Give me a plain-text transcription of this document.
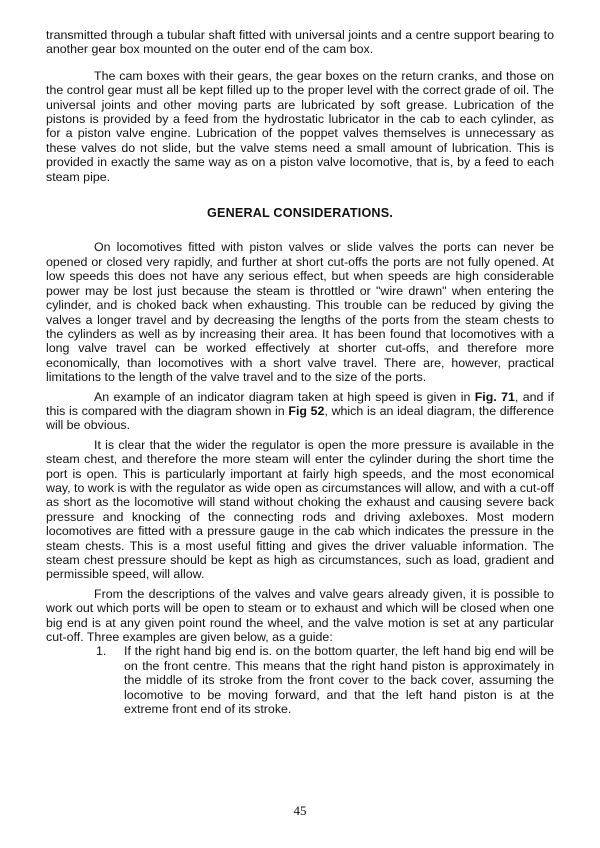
transmitted through a tubular shaft fitted with universal joints and a centre support bearing to another gear box mounted on the outer end of the cam box.

The cam boxes with their gears, the gear boxes on the return cranks, and those on the control gear must all be kept filled up to the proper level with the correct grade of oil. The universal joints and other moving parts are lubricated by soft grease. Lubrication of the pistons is provided by a feed from the hydrostatic lubricator in the cab to each cylinder, as for a piston valve engine. Lubrication of the poppet valves themselves is unnecessary as these valves do not slide, but the valve stems need a small amount of lubrication. This is provided in exactly the same way as on a piston valve locomotive, that is, by a feed to each steam pipe.

GENERAL CONSIDERATIONS.

On locomotives fitted with piston valves or slide valves the ports can never be opened or closed very rapidly, and further at short cut-offs the ports are not fully opened. At low speeds this does not have any serious effect, but when speeds are high considerable power may be lost just because the steam is throttled or "wire drawn" when entering the cylinder, and is choked back when exhausting. This trouble can be reduced by giving the valves a longer travel and by decreasing the lengths of the ports from the steam chests to the cylinders as well as by increasing their area. It has been found that locomotives with a long valve travel can be worked effectively at shorter cut-offs, and therefore more economically, than locomotives with a short valve travel. There are, however, practical limitations to the length of the valve travel and to the size of the ports.

An example of an indicator diagram taken at high speed is given in Fig. 71, and if this is compared with the diagram shown in Fig 52, which is an ideal diagram, the difference will be obvious.

It is clear that the wider the regulator is open the more pressure is available in the steam chest, and therefore the more steam will enter the cylinder during the short time the port is open. This is particularly important at fairly high speeds, and the most economical way, to work is with the regulator as wide open as circumstances will allow, and with a cut-off as short as the locomotive will stand without choking the exhaust and causing severe back pressure and knocking of the connecting rods and driving axleboxes. Most modern locomotives are fitted with a pressure gauge in the cab which indicates the pressure in the steam chests. This is a most useful fitting and gives the driver valuable information. The steam chest pressure should be kept as high as circumstances, such as load, gradient and permissible speed, will allow.

From the descriptions of the valves and valve gears already given, it is possible to work out which ports will be open to steam or to exhaust and which will be closed when one big end is at any given point round the wheel, and the valve motion is set at any particular cut-off. Three examples are given below, as a guide:

1.	If the right hand big end is. on the bottom quarter, the left hand big end will be on the front centre. This means that the right hand piston is approximately in the middle of its stroke from the front cover to the back cover, assuming the locomotive to be moving forward, and that the left hand piston is at the extreme front end of its stroke.
45
